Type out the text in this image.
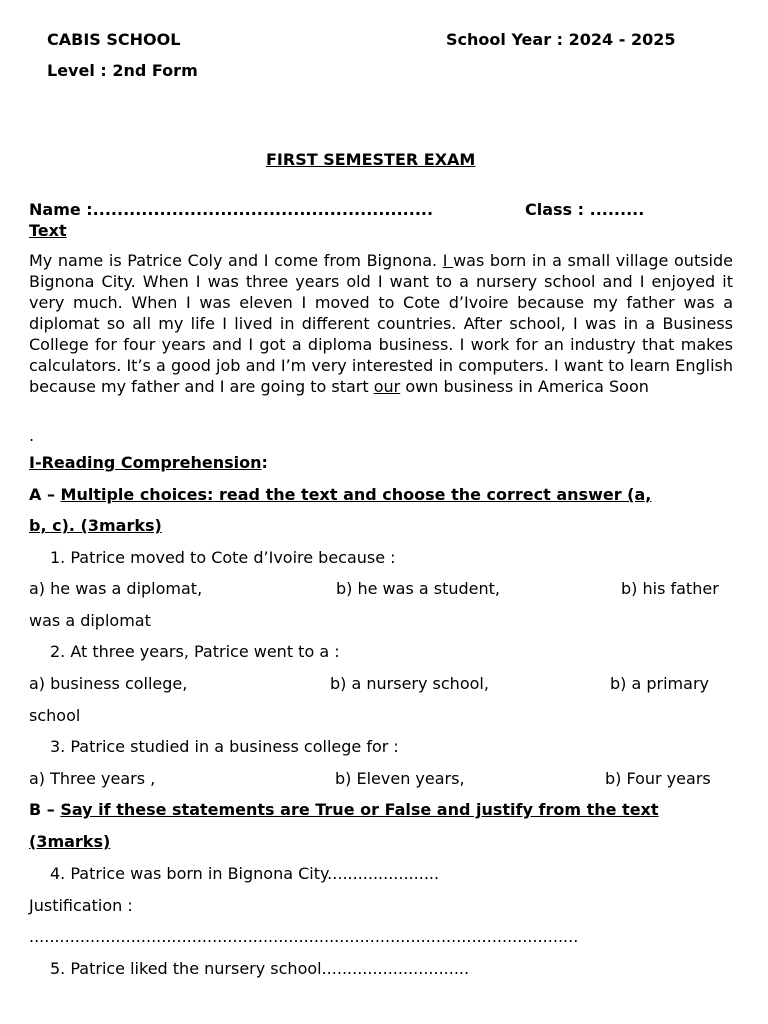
CABIS SCHOOL	School Year : 2024 - 2025
Level : 2nd Form
FIRST SEMESTER EXAM
Name :........................................................	Class : .........
Text
My name is Patrice Coly and I come from Bignona. I was born in a small village outside Bignona City. When I was three years old I want to a nursery school and I enjoyed it very much. When I was eleven I moved to Cote d’Ivoire because my father was a diplomat so all my life I lived in different countries. After school, I was in a Business College for four years and I got a diploma business. I work for an industry that makes calculators. It’s a good job and I’m very interested in computers. I want to learn English because my father and I are going to start our own business in America Soon
.
I-Reading Comprehension:
A – Multiple choices: read the text and choose the correct answer (a,
b, c). (3marks)
1. Patrice moved to Cote d’Ivoire because :
a) he was a diplomat,	b) he was a student,	b) his father
was a diplomat
2. At three years, Patrice went to a :
a) business college,	b) a nursery school,	b) a primary
school
3. Patrice studied in a business college for :
a) Three years ,	b) Eleven years,	b) Four years
B – Say if these statements are True or False and justify from the text
(3marks)
4. Patrice was born in Bignona City......................
Justification :
............................................................................................................
5. Patrice liked the nursery school.............................
